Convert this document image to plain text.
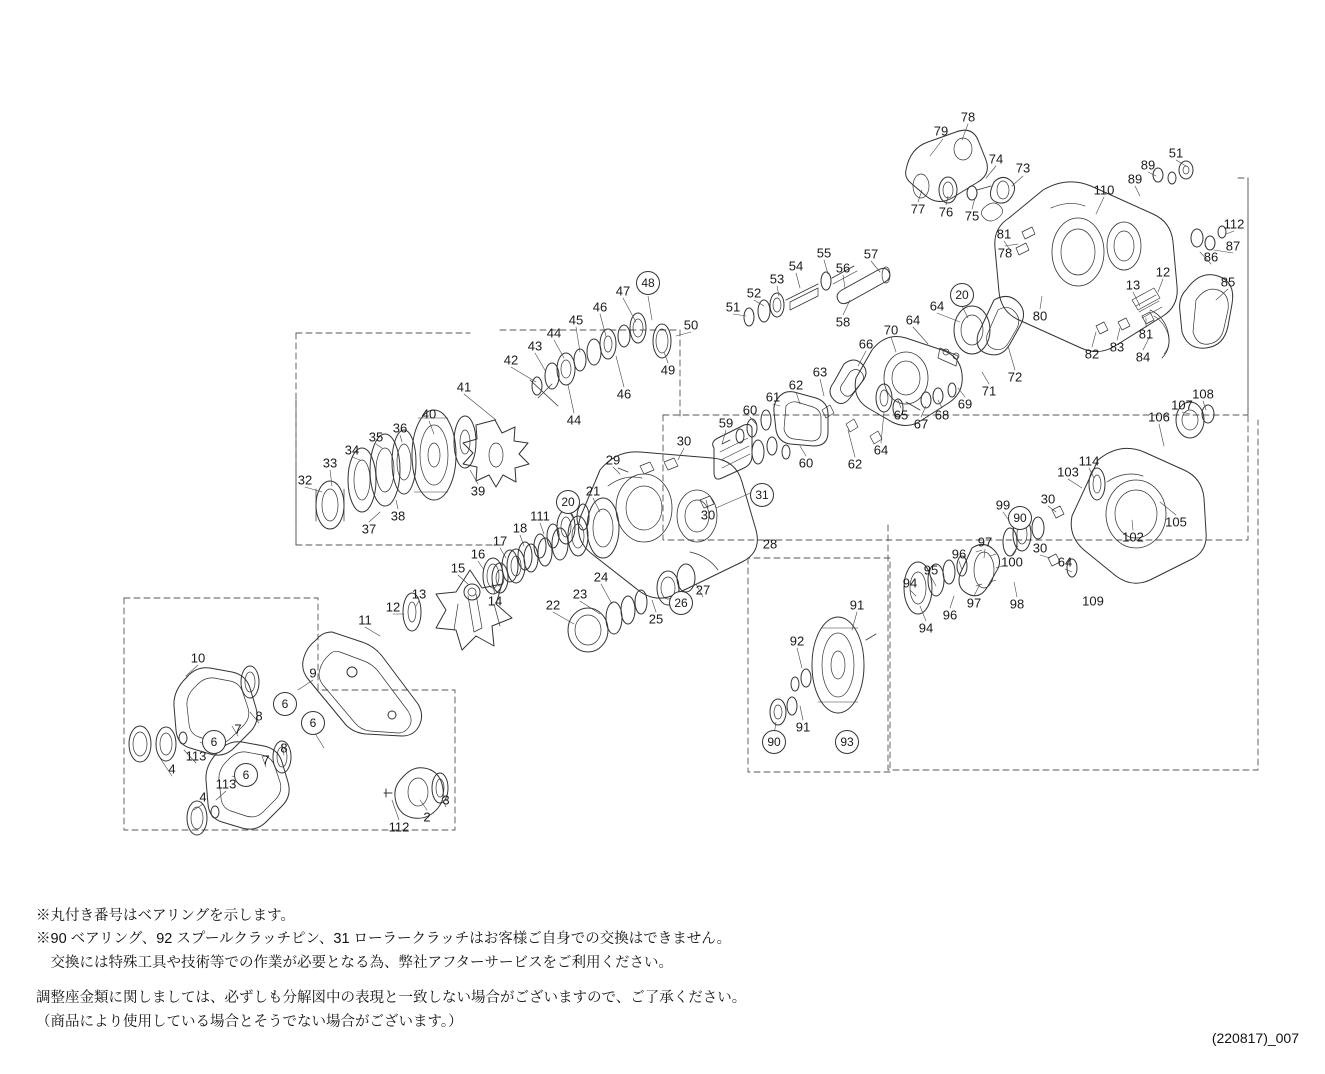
78
79
51
89
74
73
110
89
77 76 75
81
78
112
87
86
12
13	85
57
56
55
54
53
52
51
58
48
47
46
45
44
43
42
50
49
46
44
41
40
36
35
34
33
32
39
38
37
64
20
80
82 83
81
84
70
64
66
71
72
69
68
67
65
64
62
63
62
61
60
59
60
108
107
106
114
103
105
102
109
30
30
64
99
90
100
98
97
96
94
96
97
95
94
91
92
91
90	93
29
30
30
31
28
20
21
111
18
17
16
15
13
12
11
14	22
23
24
25
26
27
10
9
6
8
7
6
113
4
6
8
7
6
113
4
112
2
3
※丸付き番号はベアリングを示します。
※90 ベアリング、92 スプールクラッチピン、31 ローラークラッチはお客様ご自身での交換はできません。
　交換には特殊工具や技術等での作業が必要となる為、弊社アフターサービスをご利用ください。
調整座金類に関しましては、必ずしも分解図中の表現と一致しない場合がございますので、ご了承ください。
（商品により使用している場合とそうでない場合がございます。）
(220817)_007
